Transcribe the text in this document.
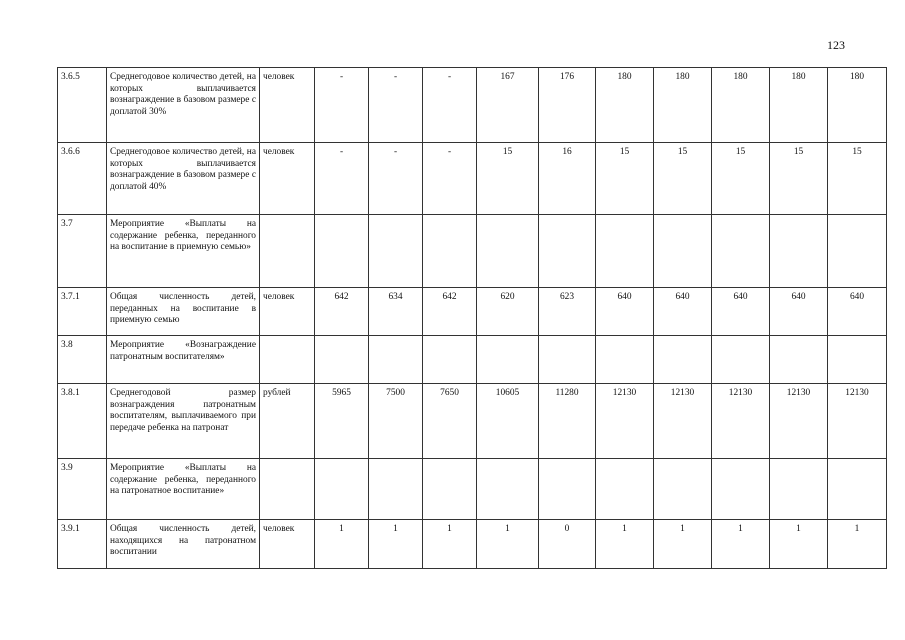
123
3.6.5	Среднегодовое количество детей, на которых выплачивается вознаграждение в базовом размере с доплатой 30%	человек	-	-	-	167	176	180	180	180	180	180
3.6.6	Среднегодовое количество детей, на которых выплачивается вознаграждение в базовом размере с доплатой 40%	человек	-	-	-	15	16	15	15	15	15	15
3.7	Мероприятие «Выплаты на содержание ребенка, переданного на воспитание в приемную семью»											
3.7.1	Общая численность детей, переданных на воспитание в приемную семью	человек	642	634	642	620	623	640	640	640	640	640
3.8	Мероприятие «Вознаграждение патронатным воспитателям»											
3.8.1	Среднегодовой размер вознаграждения патронатным воспитателям, выплачиваемого при передаче ребенка на патронат	рублей	5965	7500	7650	10605	11280	12130	12130	12130	12130	12130
3.9	Мероприятие «Выплаты на содержание ребенка, переданного на патронатное воспитание»											
3.9.1	Общая численность детей, находящихся на патронатном воспитании	человек	1	1	1	1	0	1	1	1	1	1
